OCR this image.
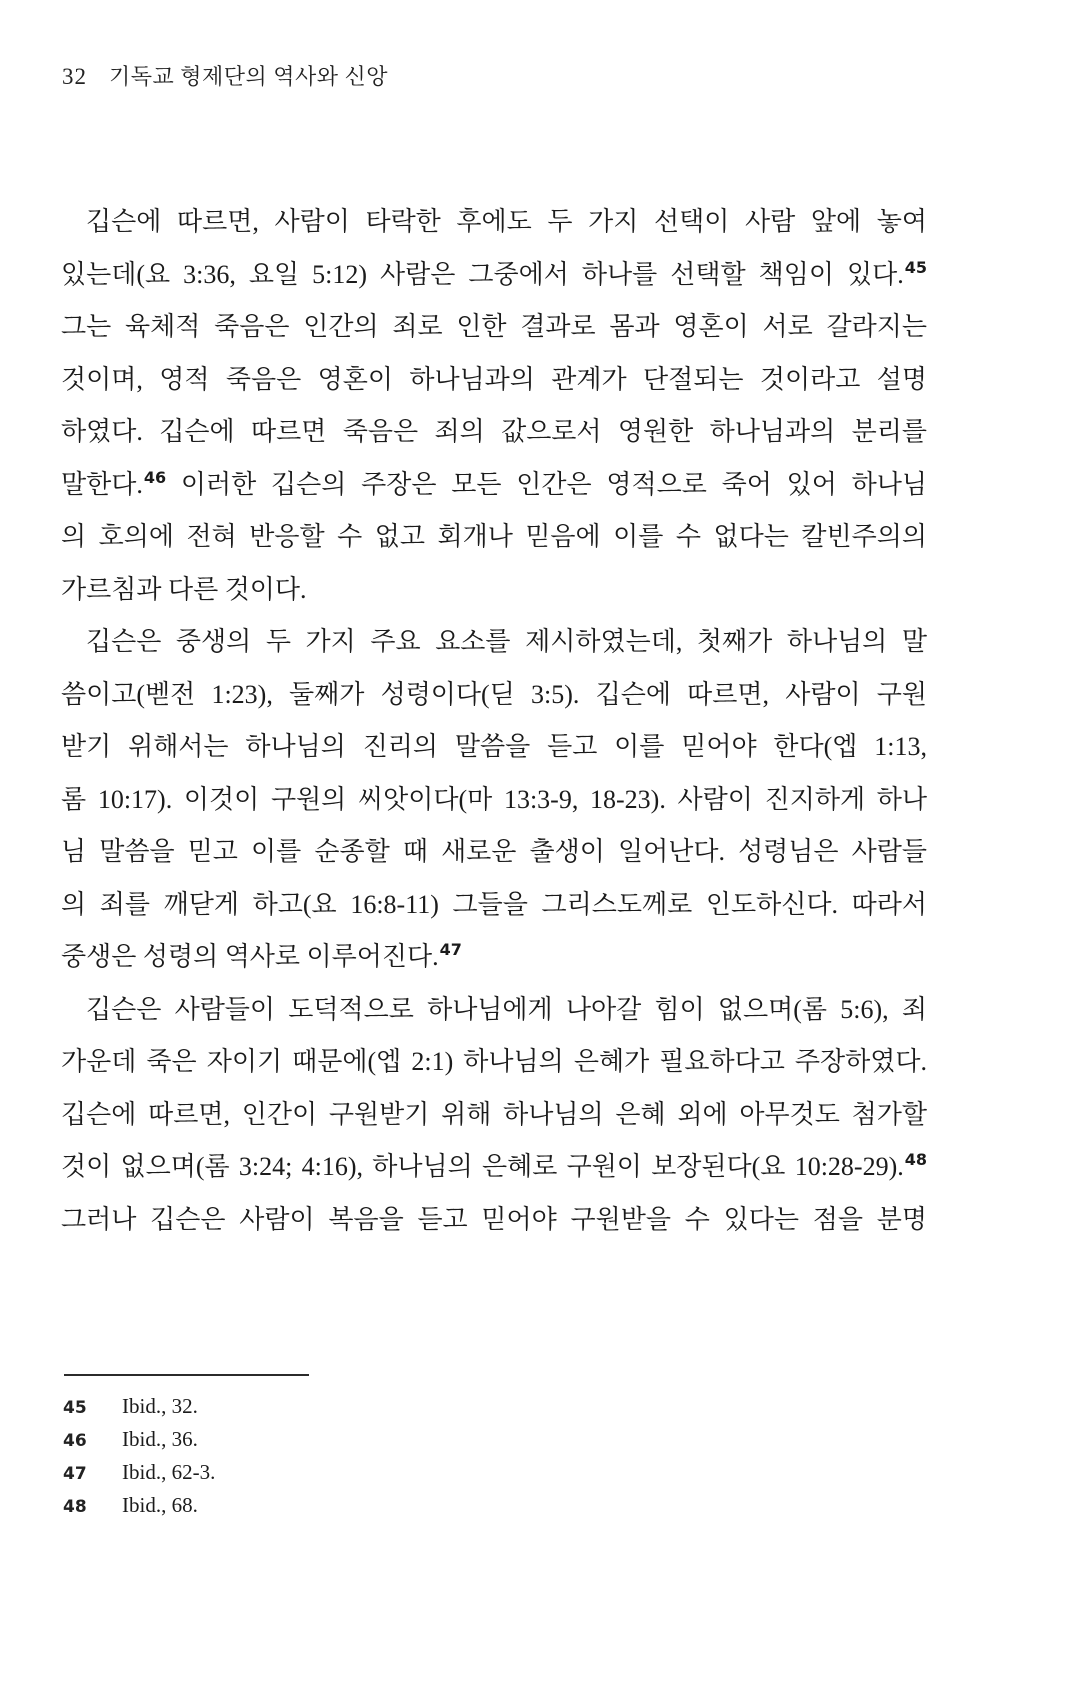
32 기독교 형제단의 역사와 신앙
깁슨에 따르면, 사람이 타락한 후에도 두 가지 선택이 사람 앞에 놓여
있는데(요 3:36, 요일 5:12) 사람은 그중에서 하나를 선택할 책임이 있다.$^{45}$
그는 육체적 죽음은 인간의 죄로 인한 결과로 몸과 영혼이 서로 갈라지는
것이며, 영적 죽음은 영혼이 하나님과의 관계가 단절되는 것이라고 설명
하였다. 깁슨에 따르면 죽음은 죄의 값으로서 영원한 하나님과의 분리를
말한다.$^{46}$ 이러한 깁슨의 주장은 모든 인간은 영적으로 죽어 있어 하나님
의 호의에 전혀 반응할 수 없고 회개나 믿음에 이를 수 없다는 칼빈주의의
가르침과 다른 것이다.
깁슨은 중생의 두 가지 주요 요소를 제시하였는데, 첫째가 하나님의 말
씀이고(벧전 1:23), 둘째가 성령이다(딛 3:5). 깁슨에 따르면, 사람이 구원
받기 위해서는 하나님의 진리의 말씀을 듣고 이를 믿어야 한다(엡 1:13,
롬 10:17). 이것이 구원의 씨앗이다(마 13:3-9, 18-23). 사람이 진지하게 하나
님 말씀을 믿고 이를 순종할 때 새로운 출생이 일어난다. 성령님은 사람들
의 죄를 깨닫게 하고(요 16:8-11) 그들을 그리스도께로 인도하신다. 따라서
중생은 성령의 역사로 이루어진다.$^{47}$
깁슨은 사람들이 도덕적으로 하나님에게 나아갈 힘이 없으며(롬 5:6), 죄
가운데 죽은 자이기 때문에(엡 2:1) 하나님의 은혜가 필요하다고 주장하였다.
깁슨에 따르면, 인간이 구원받기 위해 하나님의 은혜 외에 아무것도 첨가할
것이 없으며(롬 3:24; 4:16), 하나님의 은혜로 구원이 보장된다(요 10:28-29).$^{48}$
그러나 깁슨은 사람이 복음을 듣고 믿어야 구원받을 수 있다는 점을 분명
45	Ibid., 32.
46	Ibid., 36.
47	Ibid., 62-3.
48	Ibid., 68.
